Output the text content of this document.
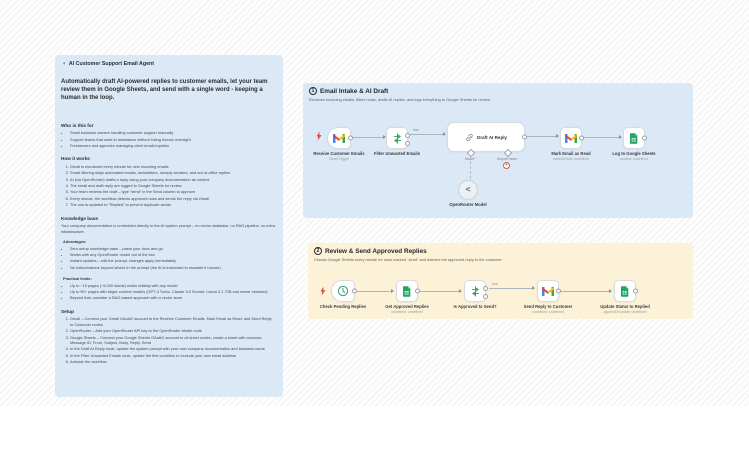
📧 AI Customer Support Email Agent

Automatically draft AI-powered replies to customer emails, let your team review them in Google Sheets, and send with a single word - keeping a human in the loop.

Who is this for
• Small business owners handling customer support manually
• Support teams that want AI assistance without losing human oversight
• Freelancers and agencies managing client email inquiries
How it works
1. Gmail is monitored every minute for new incoming emails
2. Smart filtering skips automated emails, newsletters, noreply senders, and out-of-office replies
3. AI (via OpenRouter) drafts a reply using your company documentation as context
4. The email and draft reply are logged to Google Sheets for review
5. Your team reviews the draft – type "send" in the Send column to approve
6. Every minute, the workflow detects approved rows and sends the reply via Gmail
7. The row is updated to "Replied" to prevent duplicate sends
Knowledge base

Your company documentation is embedded directly in the AI system prompt – no vector database, no RAG pipeline, no extra infrastructure.

Advantages:
• Zero-setup knowledge base – paste your docs and go
• Works with any OpenRouter model out of the box
• Instant updates – edit the prompt, changes apply immediately
• No hallucinations beyond what's in the prompt (the AI is instructed to escalate if unsure)
Practical limits:
• Up to ~10 pages (~5,000 words) works reliably with any model
• Up to 50+ pages with larger-context models (GPT-4 Turbo, Claude 3.5 Sonnet, Llama 3.1 70B and newer versions)
• Beyond that, consider a RAG-based approach with a vector store
Setup
1. Gmail – Connect your Gmail OAuth2 account to the Receive Customer Emails, Mark Email as Read, and Send Reply to Customer nodes
2. OpenRouter – Add your OpenRouter API key to the OpenRouter Model node
3. Google Sheets – Connect your Google Sheets OAuth2 account to all sheet nodes; create a sheet with columns: Message ID, From, Subject, Body, Reply, Send
4. In the Draft AI Reply node, update the system prompt with your own company documentation and business name
5. In the Filter Unwanted Emails node, update the first condition to exclude your own email address
6. Activate the workflow
1 Email Intake & AI Draft

Receives incoming emails, filters noise, drafts AI replies, and logs everything to Google Sheets for review.

Receive Customer Emails
Gmail Trigger
Filter Unwanted Emails
true
Draft AI Reply
Model*	Output Parser
+
<
OpenRouter Model
Mark Email as Read
markAsRead: undefined
Log to Google Sheets
append: undefined
2 Review & Send Approved Replies

Checks Google Sheets every minute for rows marked "send" and delivers the approved reply to the customer.

Check Pending Replies	Get Approved Replies
undefined: undefined
Is Approved to Send?
true
Send Reply to Customer
undefined: undefined
Update Status to Replied
appendOrUpdate: undefined
